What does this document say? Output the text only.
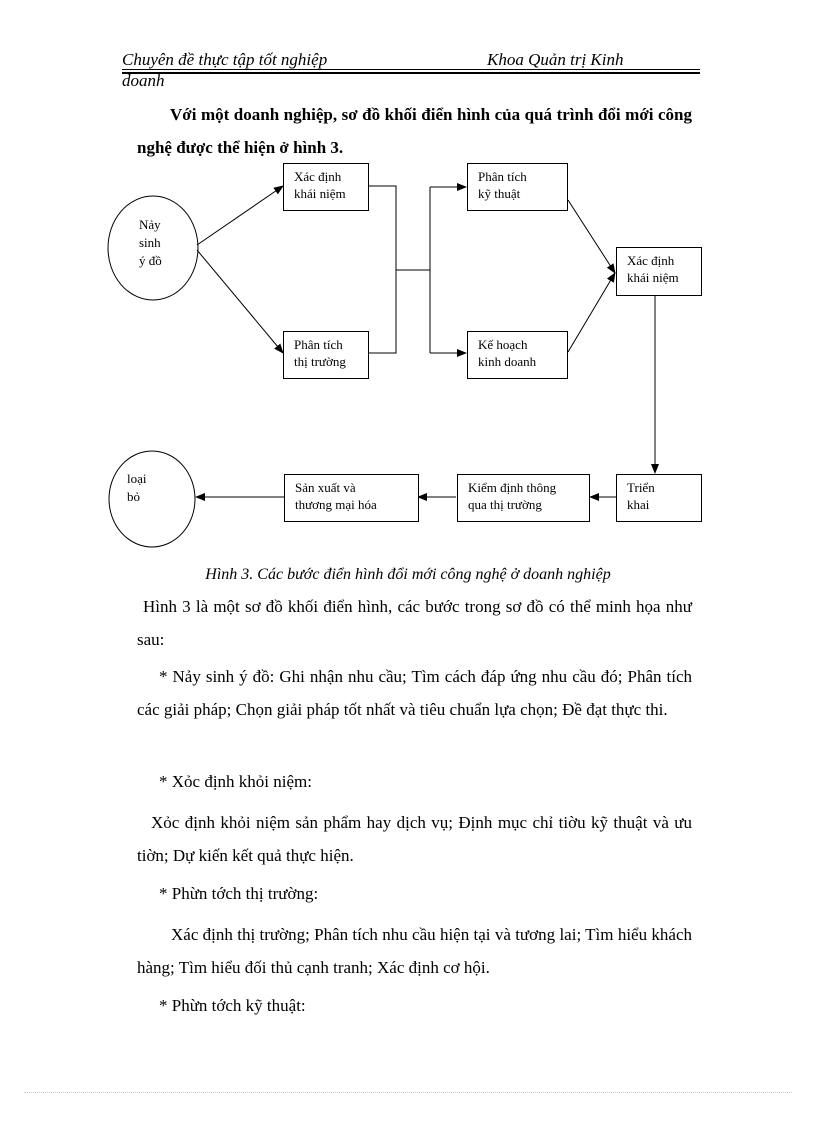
Chuyên đề thực tập tốt nghiệp	Khoa Quản trị Kinh
doanh

Với một doanh nghiệp, sơ đồ khối điển hình của quá trình đổi mới công nghệ được thể hiện ở hình 3.

Nảy
sinh
ý đồ
loại
bỏ
Xác định
khái niệm
Phân tích
thị trường
Phân tích
kỹ thuật
Kế hoạch
kinh doanh
Xác định
khái niệm
Triển
khai
Kiểm định thông
qua thị trường
Sản xuất và
thương mại hóa
Hình 3. Các bước điển hình đổi mới công nghệ ở doanh nghiệp

Hình 3 là một sơ đồ khối điển hình, các bước trong sơ đồ có thể minh họa như sau:

* Nảy sinh ý đồ: Ghi nhận nhu cầu; Tìm cách đáp ứng nhu cầu đó; Phân tích các giải pháp; Chọn giải pháp tốt nhất và tiêu chuẩn lựa chọn; Đề đạt thực thi.

* Xỏc định khỏi niệm:

Xỏc định khỏi niệm sản phẩm hay dịch vụ; Định mục chỉ tiờu kỹ thuật và ưu tiờn; Dự kiến kết quả thực hiện.

* Phừn tớch thị trường:

Xác định thị trường; Phân tích nhu cầu hiện tại và tương lai; Tìm hiểu khách hàng; Tìm hiểu đối thủ cạnh tranh; Xác định cơ hội.

* Phừn tớch kỹ thuật:
